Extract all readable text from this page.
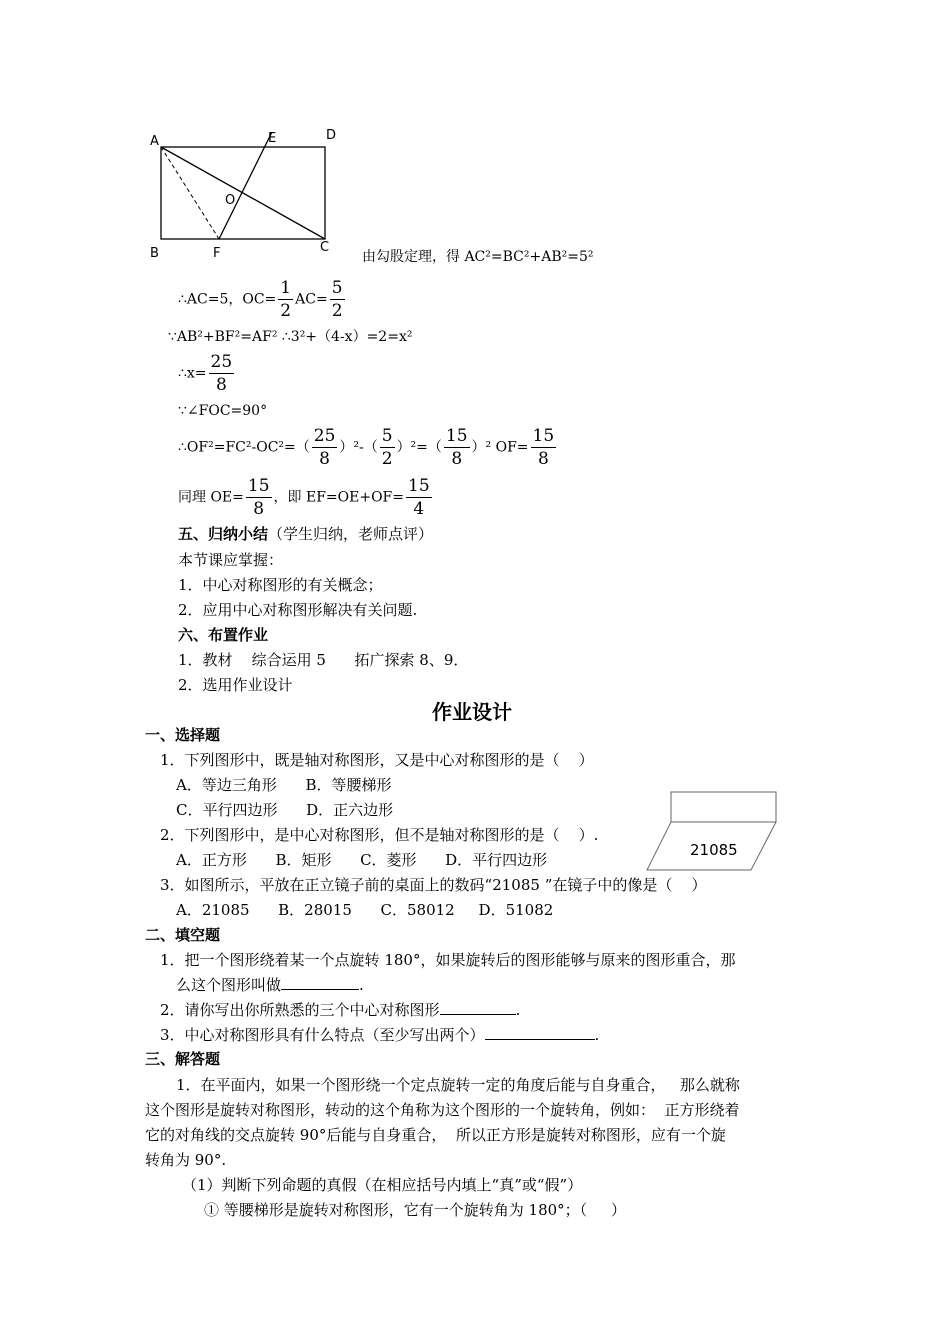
A	E	D
O
B	F	C
由勾股定理，得 AC²=BC²+AB²=5²
∴AC=5，$OC= \frac{1}{2} AC= \frac{5}{2}$
∵AB²+BF²=AF² ∴3²+（4-x）=2=x²
∴x= $\frac{25}{8}$
∵∠FOC=90°
∴OF²=FC²-OC²=（ $\frac{25}{8} )^2-( \frac{5}{2} )^2=( \frac{15}{8} )^2$ $OF= \frac{15}{8}$
同理 $OE= \frac{15}{8}$ ，即 $EF=OE+OF= \frac{15}{4}$
五、归纳小结（学生归纳，老师点评）
本节课应掌握：
1．中心对称图形的有关概念；
2．应用中心对称图形解决有关问题.
六、布置作业
1．教材    综合运用 5      拓广探索 8、9．
2．选用作业设计
作业设计
一、选择题
1．下列图形中，既是轴对称图形，又是中心对称图形的是（    ）
A．等边三角形      B．等腰梯形
C．平行四边形      D．正六边形
2．下列图形中，是中心对称图形，但不是轴对称图形的是（    ）.
A．正方形      B．矩形      C．菱形      D．平行四边形
3．如图所示，平放在正立镜子前的桌面上的数码“21085 ”在镜子中的像是（    ）
A．21085      B．28015      C．58012     D．51082
21085
二、填空题
1．把一个图形绕着某一个点旋转 180°，如果旋转后的图形能够与原来的图形重合，那
么这个图形叫做	.
2．请你写出你所熟悉的三个中心对称图形	.
3．中心对称图形具有什么特点（至少写出两个）	.
三、解答题
1．在平面内，如果一个图形绕一个定点旋转一定的角度后能与自身重合，   那么就称
这个图形是旋转对称图形，转动的这个角称为这个图形的一个旋转角，例如：  正方形绕着
它的对角线的交点旋转 90°后能与自身重合，  所以正方形是旋转对称图形，应有一个旋
转角为 90°.
（1）判断下列命题的真假（在相应括号内填上“真”或“假”）
① 等腰梯形是旋转对称图形，它有一个旋转角为 180°；（     ）
